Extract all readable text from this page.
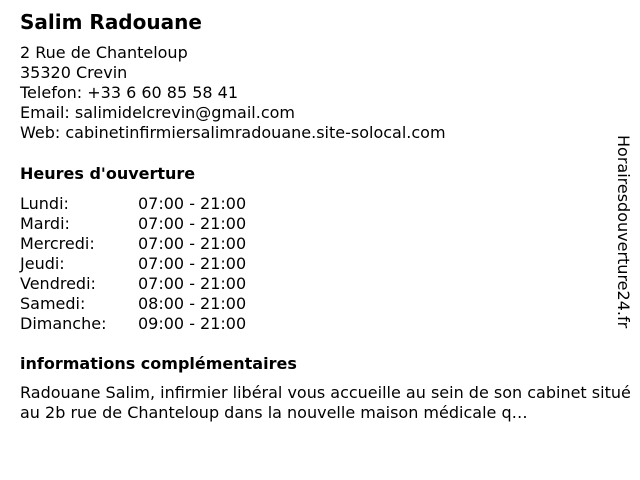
Salim Radouane
2 Rue de Chanteloup
35320 Crevin
Telefon: +33 6 60 85 58 41
Email: salimidelcrevin@gmail.com
Web: cabinetinfirmiersalimradouane.site-solocal.com
Heures d'ouverture
Lundi:	07:00 - 21:00
Mardi:	07:00 - 21:00
Mercredi:	07:00 - 21:00
Jeudi:	07:00 - 21:00
Vendredi:	07:00 - 21:00
Samedi:	08:00 - 21:00
Dimanche:	09:00 - 21:00
informations complémentaires

Radouane Salim, infirmier libéral vous accueille au sein de son cabinet situé au 2b rue de Chanteloup dans la nouvelle maison médicale q…

Horairesdouverture24.fr
